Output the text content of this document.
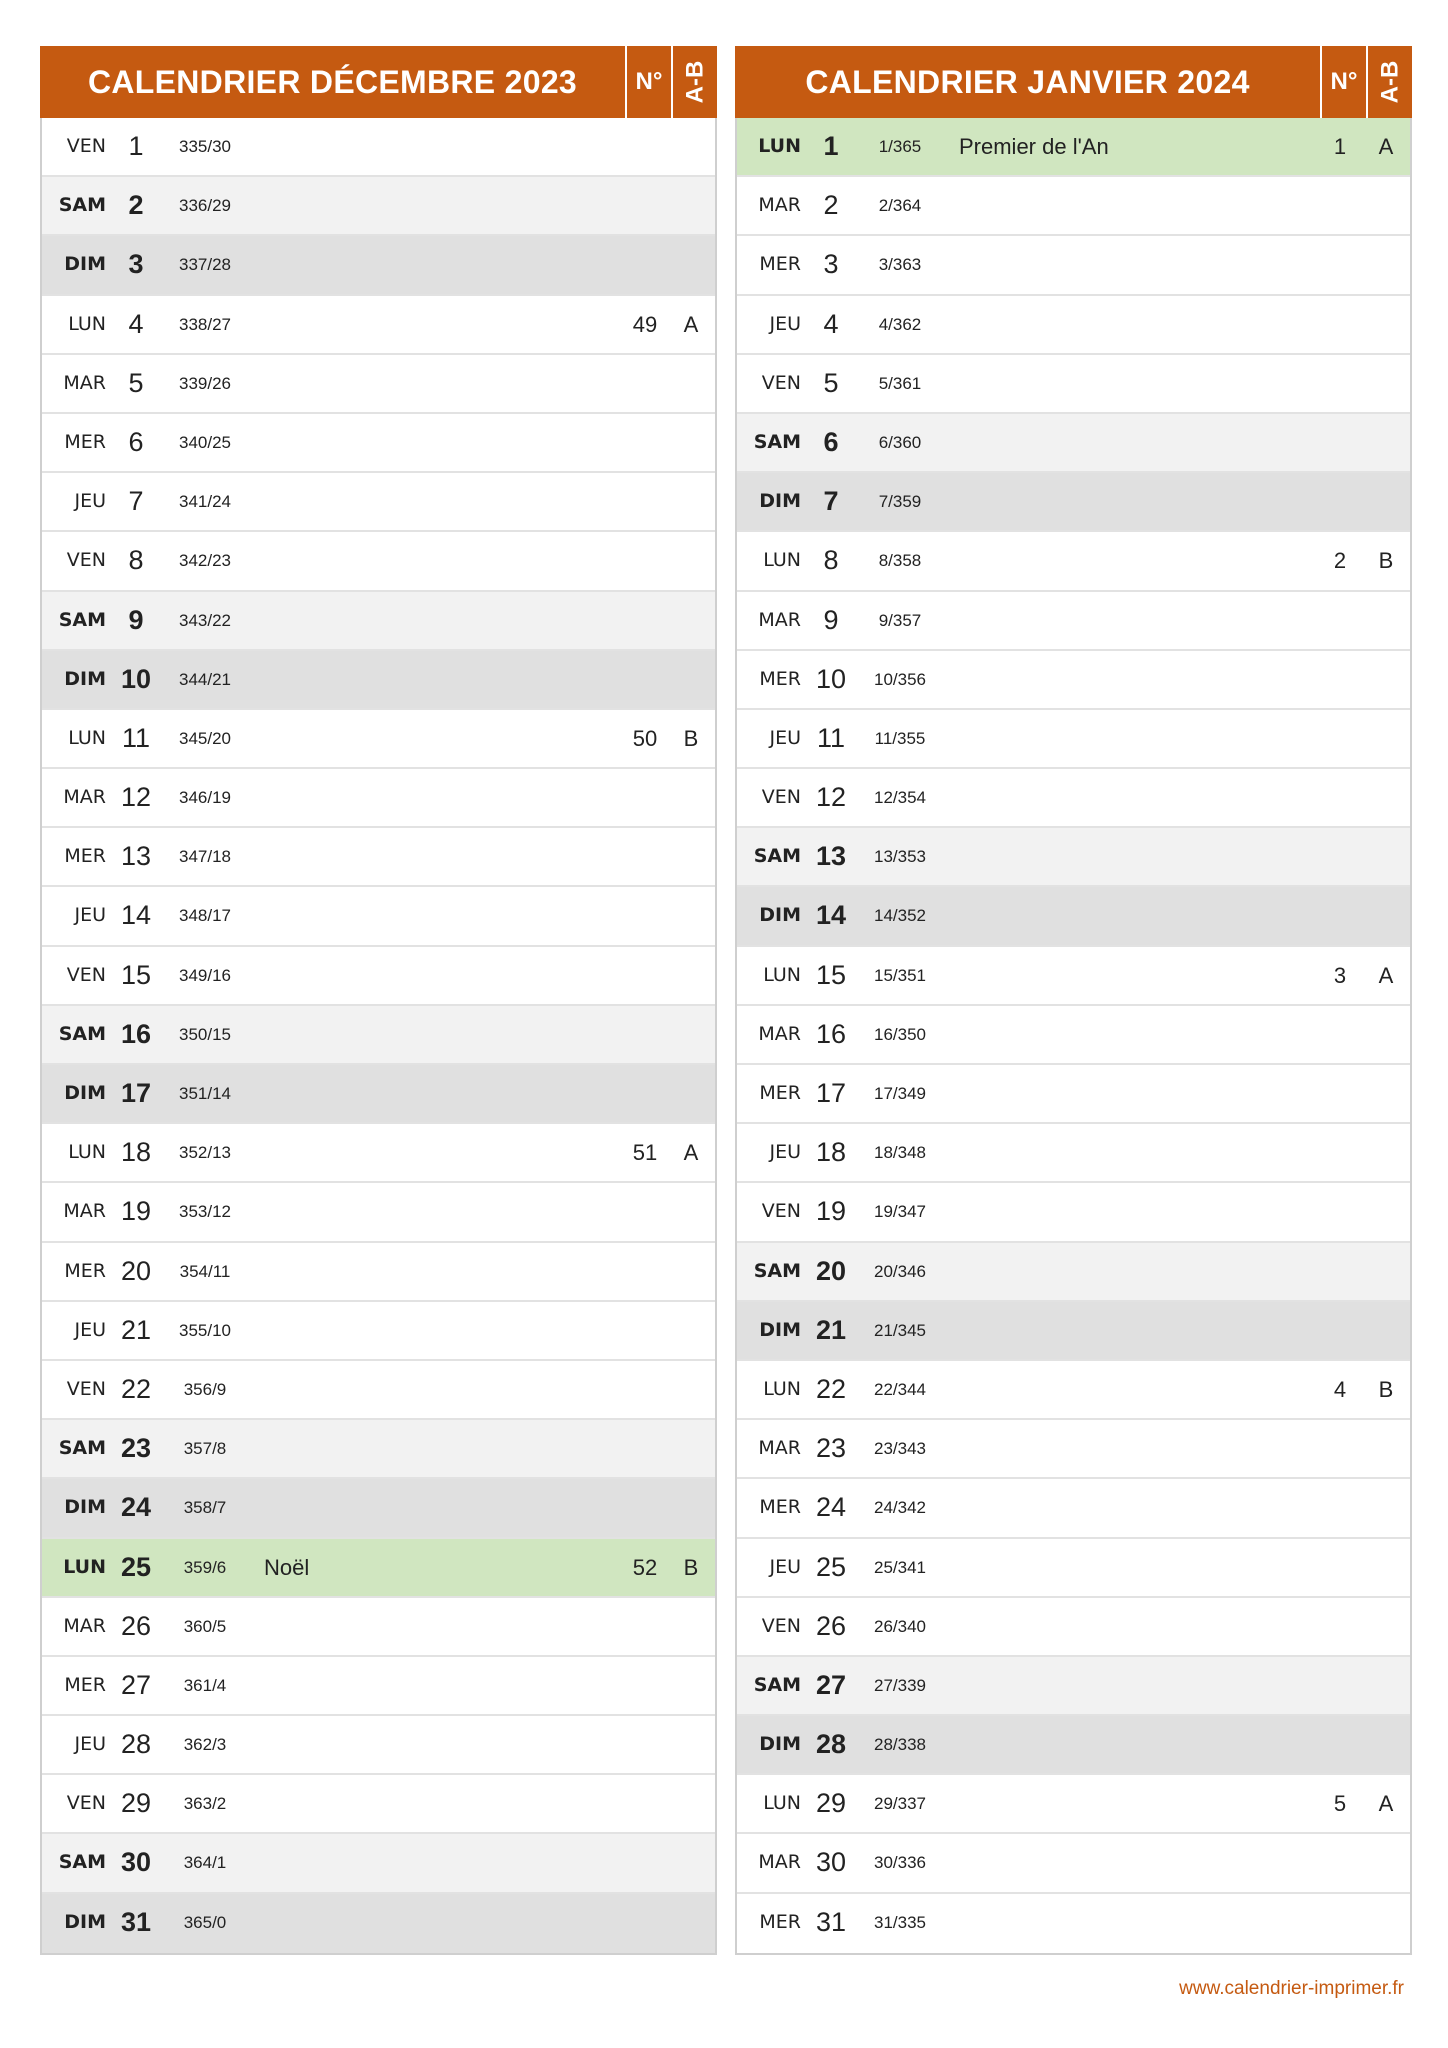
CALENDRIER DÉCEMBRE 2023	N° A-B
VEN 1	335/30
SAM 2	336/29
DIM 3	337/28
LUN 4	338/27	49	A
MAR 5	339/26
MER 6	340/25
JEU 7	341/24
VEN 8	342/23
SAM 9	343/22
DIM 10	344/21
LUN 11	345/20	50	B
MAR 12	346/19
MER 13	347/18
JEU 14	348/17
VEN 15	349/16
SAM 16	350/15
DIM 17	351/14
LUN 18	352/13	51	A
MAR 19	353/12
MER 20	354/11
JEU 21	355/10
VEN 22	356/9
SAM 23	357/8
DIM 24	358/7
LUN 25	359/6	Noël	52	B
MAR 26	360/5
MER 27	361/4
JEU 28	362/3
VEN 29	363/2
SAM 30	364/1
DIM 31	365/0
CALENDRIER JANVIER 2024	N° A-B
LUN 1	1/365	Premier de l'An	1	A
MAR 2	2/364
MER 3	3/363
JEU 4	4/362
VEN 5	5/361
SAM 6	6/360
DIM 7	7/359
LUN 8	8/358	2	B
MAR 9	9/357
MER 10	10/356
JEU 11	11/355
VEN 12	12/354
SAM 13	13/353
DIM 14	14/352
LUN 15	15/351	3	A
MAR 16	16/350
MER 17	17/349
JEU 18	18/348
VEN 19	19/347
SAM 20	20/346
DIM 21	21/345
LUN 22	22/344	4	B
MAR 23	23/343
MER 24	24/342
JEU 25	25/341
VEN 26	26/340
SAM 27	27/339
DIM 28	28/338
LUN 29	29/337	5	A
MAR 30	30/336
MER 31	31/335
www.calendrier-imprimer.fr
